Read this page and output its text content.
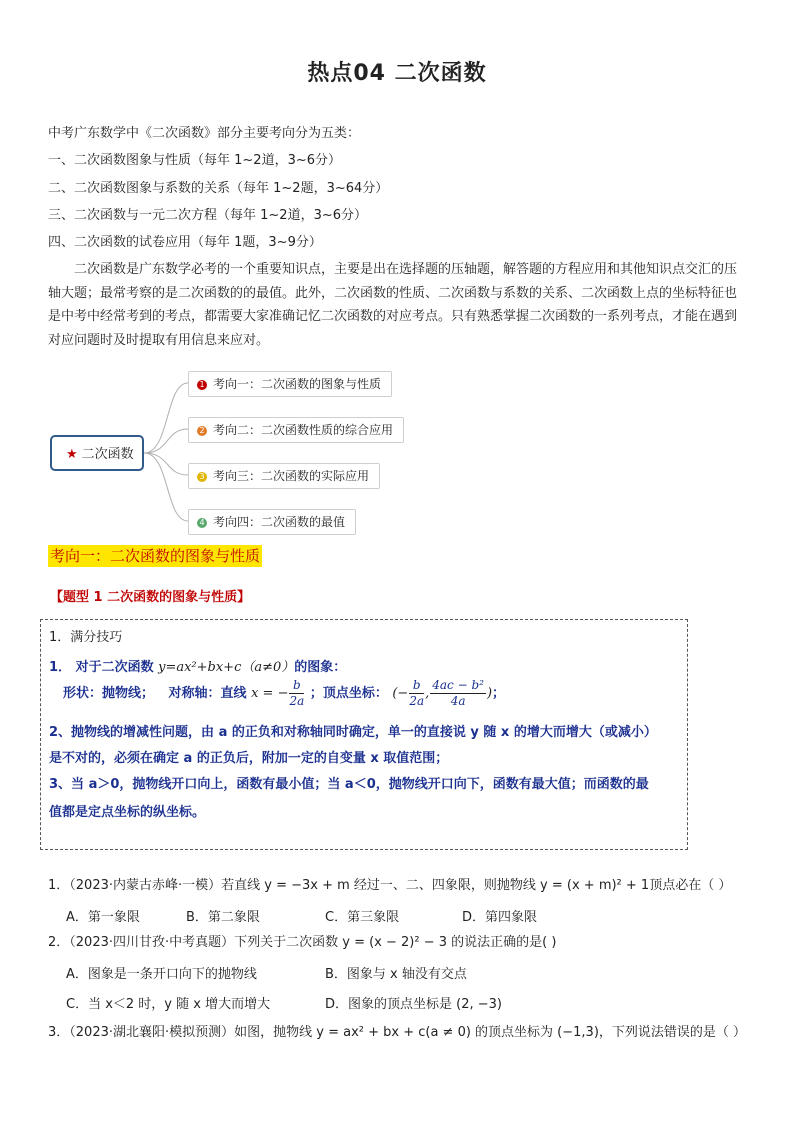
热点04 二次函数
中考广东数学中《二次函数》部分主要考向分为五类：
一、二次函数图象与性质（每年 1~2道，3~6分）
二、二次函数图象与系数的关系（每年 1~2题，3~64分）
三、二次函数与一元二次方程（每年 1~2道，3~6分）
四、二次函数的试卷应用（每年 1题，3~9分）
二次函数是广东数学必考的一个重要知识点，主要是出在选择题的压轴题，解答题的方程应用和其他知识点交汇的压轴大题；最常考察的是二次函数的的最值。此外，二次函数的性质、二次函数与系数的关系、二次函数上点的坐标特征也是中考中经常考到的考点，都需要大家准确记忆二次函数的对应考点。只有熟悉掌握二次函数的一系列考点，才能在遇到对应问题时及时提取有用信息来应对。
★ 二次函数
1 考向一：二次函数的图象与性质
2 考向二：二次函数性质的综合应用
3 考向三：二次函数的实际应用
4 考向四：二次函数的最值
考向一：二次函数的图象与性质
【题型 1 二次函数的图象与性质】
1．满分技巧
1． 对于二次函数 y=ax²+bx+c（a≠0）的图象：
形状：抛物线； 对称轴：直线 x = − $\frac{b}{2a}$ ；顶点坐标： (− $\frac{b}{2a}$ , $\frac{\text{4ac − b²}}{4a}$ )；
2、抛物线的增减性问题，由 a 的正负和对称轴同时确定，单一的直接说 y 随 x 的增大而增大（或减小）
是不对的，必须在确定 a 的正负后，附加一定的自变量 x 取值范围；
3、当 a＞0，抛物线开口向上，函数有最小值；当 a＜0，抛物线开口向下，函数有最大值；而函数的最
值都是定点坐标的纵坐标。
1．（2023·内蒙古赤峰·一模）若直线 y = −3x + m 经过一、二、四象限，则抛物线 y = (x + m)² + 1顶点必在（ ）
A．第一象限	B．第二象限	C．第三象限	D．第四象限
2．（2023·四川甘孜·中考真题）下列关于二次函数 y = (x − 2)² − 3 的说法正确的是( )
A．图象是一条开口向下的抛物线	B．图象与 x 轴没有交点
C．当 x＜2 时，y 随 x 增大而增大	D．图象的顶点坐标是 (2, −3)
3．（2023·湖北襄阳·模拟预测）如图，抛物线 y = ax² + bx + c(a ≠ 0) 的顶点坐标为 (−1,3)，下列说法错误的是（ ）
